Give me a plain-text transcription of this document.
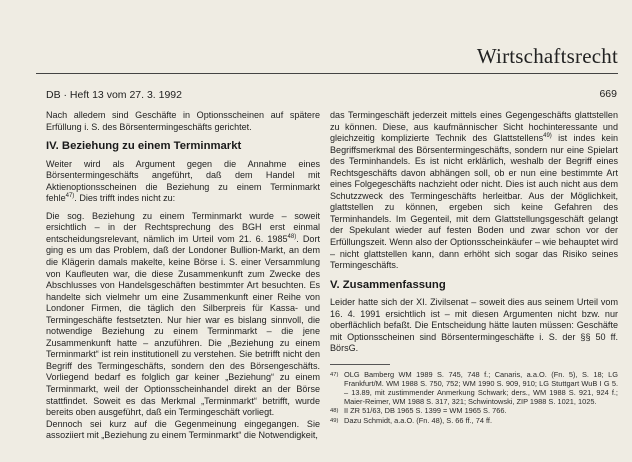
Wirtschaftsrecht
DB · Heft 13 vom 27. 3. 1992	669

Nach alledem sind Geschäfte in Optionsscheinen auf spätere Erfüllung i. S. des Börsentermingeschäfts gerichtet.

IV. Beziehung zu einem Terminmarkt

Weiter wird als Argument gegen die Annahme eines Börsentermingeschäfts angeführt, daß dem Handel mit Aktienoptionsscheinen die Beziehung zu einem Terminmarkt fehle$^{47)}$. Dies trifft indes nicht zu:

Die sog. Beziehung zu einem Terminmarkt wurde – soweit ersichtlich – in der Rechtsprechung des BGH erst einmal entscheidungsrelevant, nämlich im Urteil vom 21. 6. 1985$^{48)}$. Dort ging es um das Problem, daß der Londoner Bullion-Markt, an dem die Klägerin damals makelte, keine Börse i. S. einer Versammlung von Kaufleuten war, die diese Zusammenkunft zum Zwecke des Abschlusses von Handelsgeschäften bestimmter Art besuchten. Es handelte sich vielmehr um eine Zusammenkunft einer Reihe von Londoner Firmen, die täglich den Silberpreis für Kassa- und Termingeschäfte festsetzten. Nur hier war es bislang sinnvoll, die notwendige Beziehung zu einem Terminmarkt – die jene Zusammenkunft hatte – anzuführen. Die „Beziehung zu einem Terminmarkt“ ist rein institutionell zu verstehen. Sie betrifft nicht den Begriff des Termingeschäfts, sondern den des Börsengeschäfts. Vorliegend bedarf es folglich gar keiner „Beziehung“ zu einem Terminmarkt, weil der Optionsscheinhandel direkt an der Börse stattfindet. Soweit es das Merkmal „Terminmarkt“ betrifft, wurde bereits oben ausgeführt, daß ein Termingeschäft vorliegt.

Dennoch sei kurz auf die Gegenmeinung eingegangen. Sie assoziiert mit „Beziehung zu einem Terminmarkt“ die Notwendigkeit,

das Termingeschäft jederzeit mittels eines Gegengeschäfts glattstellen zu können. Diese, aus kaufmännischer Sicht hochinteressante und gleichzeitig komplizierte Technik des Glattstellens$^{49)}$ ist indes kein Begriffsmerkmal des Börsentermingeschäfts, sondern nur eine Spielart des Terminhandels. Es ist nicht erklärlich, weshalb der Begriff eines Rechtsgeschäfts davon abhängen soll, ob er nun eine bestimmte Art eines Folgegeschäfts nachzieht oder nicht. Dies ist auch nicht aus dem Schutzzweck des Termingeschäfts herleitbar. Aus der Möglichkeit, glattstellen zu können, ergeben sich keine Gefahren des Terminhandels. Im Gegenteil, mit dem Glattstellungsgeschäft gelangt der Spekulant wieder auf festen Boden und zwar schon vor der Erfüllungszeit. Wenn also der Optionsscheinkäufer – wie behauptet wird – nicht glattstellen kann, dann erhöht sich sogar das Risiko seines Termingeschäfts.

V. Zusammenfassung

Leider hatte sich der XI. Zivilsenat – soweit dies aus seinem Urteil vom 16. 4. 1991 ersichtlich ist – mit diesen Argumenten nicht bzw. nur oberflächlich befaßt. Die Entscheidung hätte lauten müssen: Geschäfte mit Optionsscheinen sind Börsentermingeschäfte i. S. der §§ 50 ff. BörsG.

47) OLG Bamberg WM 1989 S. 745, 748 f.; Canaris, a.a.O. (Fn. 5), S. 18; LG Frankfurt/M. WM 1988 S. 750, 752; WM 1990 S. 909, 910; LG Stuttgart WuB I G 5. – 13.89, mit zustimmender Anmerkung Schwark; ders., WM 1988 S. 921, 924 f.; Maier-Reimer, WM 1988 S. 317, 321; Schwintowski, ZIP 1988 S. 1021, 1025.
48) II ZR 51/63, DB 1965 S. 1399 = WM 1965 S. 766.
49) Dazu Schmidt, a.a.O. (Fn. 48), S. 66 ff., 74 ff.
